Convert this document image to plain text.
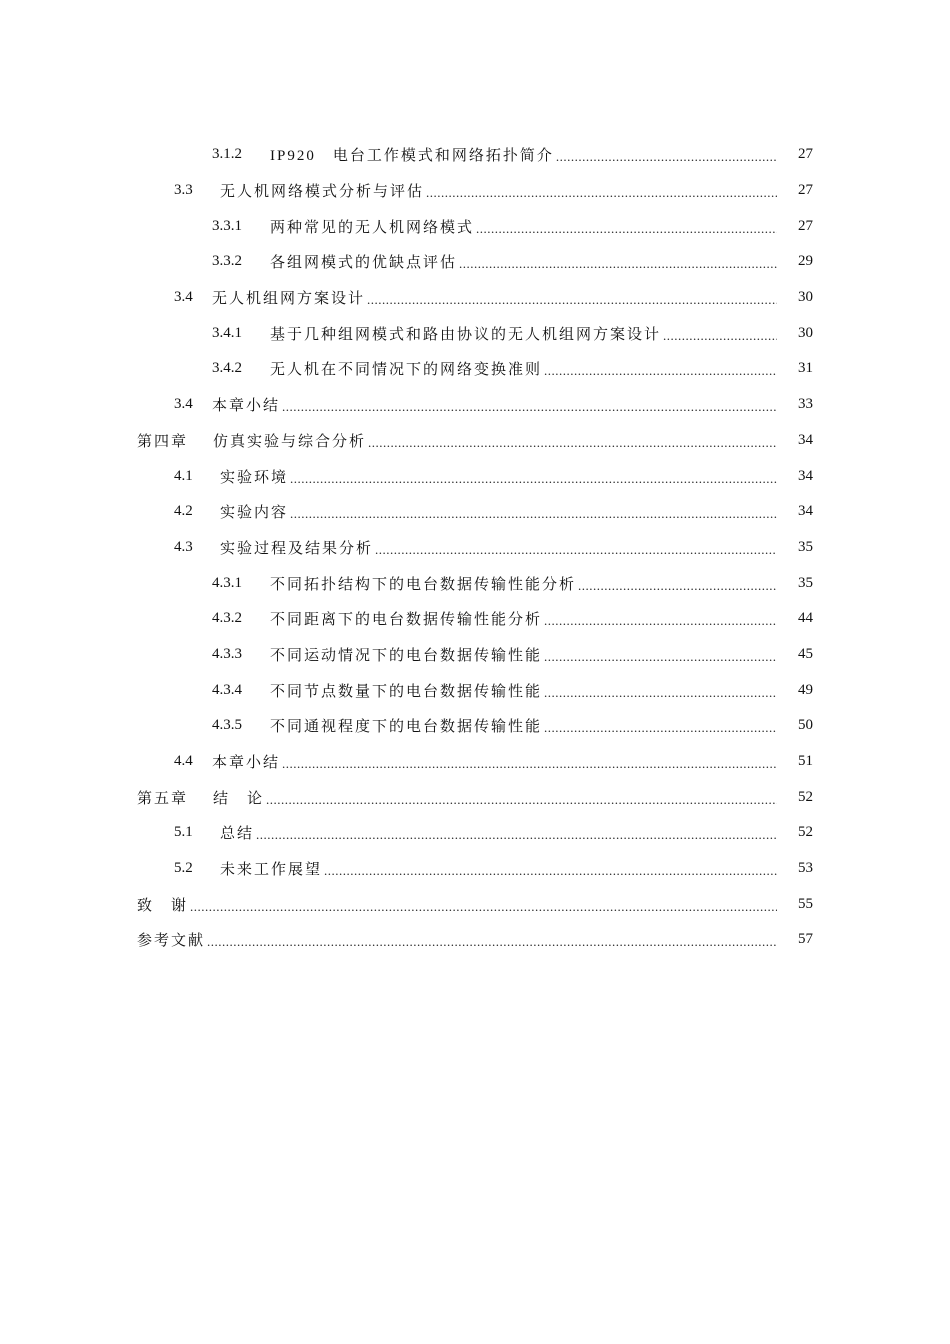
3.1.2	IP920　电台工作模式和网络拓扑简介 .....	27
3.3	无人机网络模式分析与评估 .....	27
3.3.1	两种常见的无人机网络模式 .....	27
3.3.2	各组网模式的优缺点评估 .....	29
3.4	无人机组网方案设计 .....	30
3.4.1	基于几种组网模式和路由协议的无人机组网方案设计 .....	30
3.4.2	无人机在不同情况下的网络变换准则 .....	31
3.4	本章小结 .....	33
第四章	仿真实验与综合分析 .....	34
4.1	实验环境 .....	34
4.2	实验内容 .....	34
4.3	实验过程及结果分析 .....	35
4.3.1	不同拓扑结构下的电台数据传输性能分析 .....	35
4.3.2	不同距离下的电台数据传输性能分析 .....	44
4.3.3	不同运动情况下的电台数据传输性能 .....	45
4.3.4	不同节点数量下的电台数据传输性能 .....	49
4.3.5	不同通视程度下的电台数据传输性能 .....	50
4.4	本章小结 .....	51
第五章	结　论 .....	52
5.1	总结 .....	52
5.2	未来工作展望 .....	53
致　谢 .....	55
参考文献 .....	57
